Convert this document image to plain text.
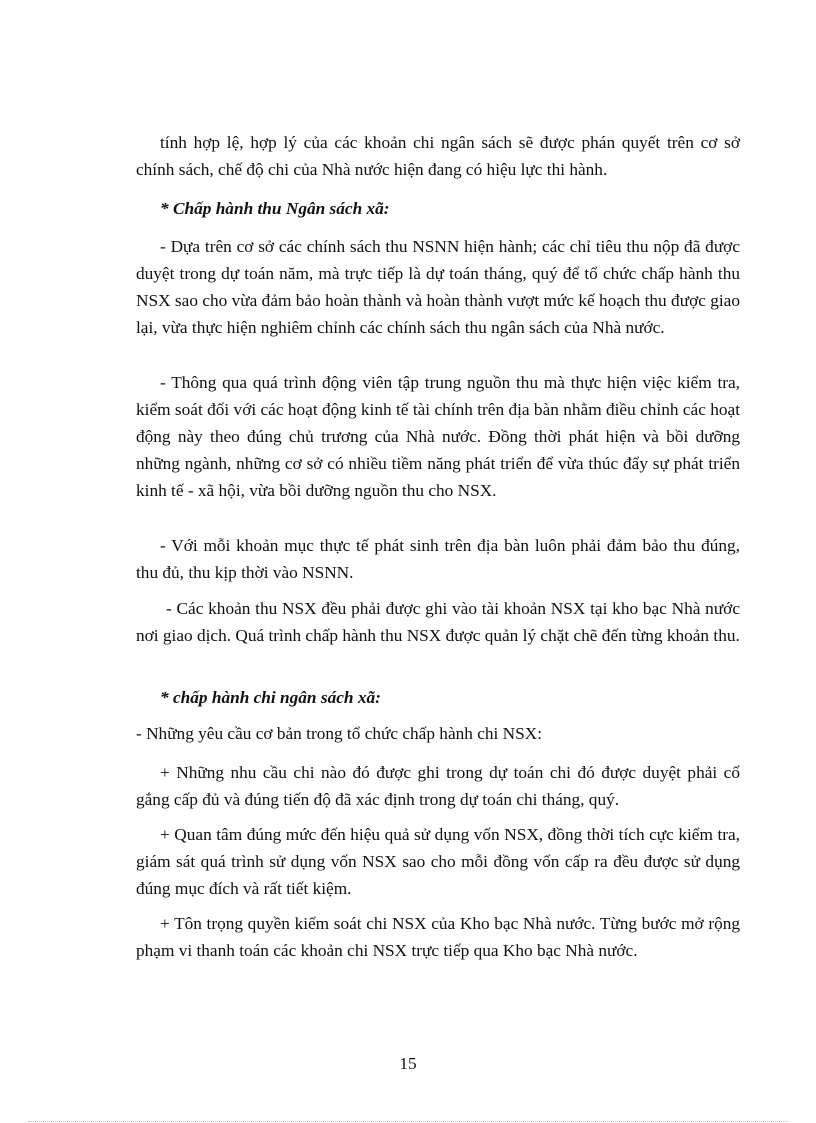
tính hợp lệ, hợp lý của các khoản chi ngân sách sẽ được phán quyết trên cơ sở chính sách, chế độ chi của Nhà nước hiện đang có hiệu lực thi hành.

* Chấp hành thu Ngân sách xã:

- Dựa trên cơ sở các chính sách thu NSNN hiện hành; các chỉ tiêu thu nộp đã được duyệt trong dự toán năm, mà trực tiếp là dự toán tháng, quý để tổ chức chấp hành thu NSX sao cho vừa đảm bảo hoàn thành và hoàn thành vượt mức kế hoạch thu được giao lại, vừa thực hiện nghiêm chỉnh các chính sách thu ngân sách của Nhà nước.

- Thông qua quá trình động viên tập trung nguồn thu mà thực hiện việc kiểm tra, kiểm soát đối với các hoạt động kinh tế tài chính trên địa bàn nhằm điều chỉnh các hoạt động này theo đúng chủ trương của Nhà nước. Đồng thời phát hiện và bồi dưỡng những ngành, những cơ sở có nhiều tiềm năng phát triển để vừa thúc đẩy sự phát triển kinh tế - xã hội, vừa bồi dưỡng nguồn thu cho NSX.

- Với mỗi khoản mục thực tế phát sinh trên địa bàn luôn phải đảm bảo thu đúng, thu đủ, thu kịp thời vào NSNN.

- Các khoản thu NSX đều phải được ghi vào tài khoản NSX tại kho bạc Nhà nước nơi giao dịch. Quá trình chấp hành thu NSX được quản lý chặt chẽ đến từng khoản thu.

* chấp hành chi ngân sách xã:

- Những yêu cầu cơ bản trong tổ chức chấp hành chi NSX:

+ Những nhu cầu chi nào đó được ghi trong dự toán chi đó được duyệt phải cố gắng cấp đủ và đúng tiến độ đã xác định trong dự toán chi tháng, quý.

+ Quan tâm đúng mức đến hiệu quả sử dụng vốn NSX, đồng thời tích cực kiểm tra, giám sát quá trình sử dụng vốn NSX sao cho mỗi đồng vốn cấp ra đều được sử dụng đúng mục đích và rất tiết kiệm.

+ Tôn trọng quyền kiểm soát chi NSX của Kho bạc Nhà nước. Từng bước mở rộng phạm vi thanh toán các khoản chi NSX trực tiếp qua Kho bạc Nhà nước.

15
